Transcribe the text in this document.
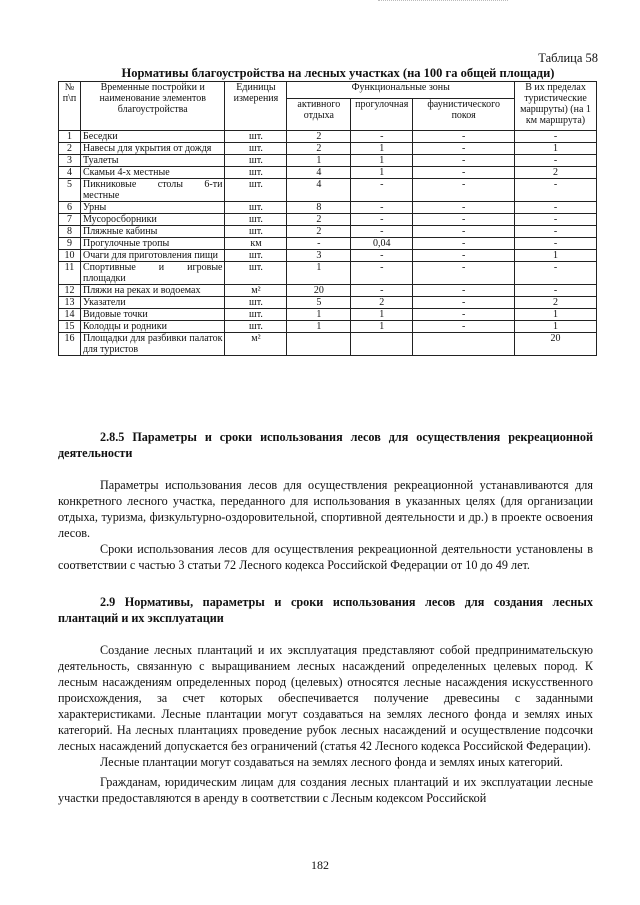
Таблица 58
Нормативы благоустройства на лесных участках (на 100 га общей площади)
№ п\п	Временные постройки и наименование элементов благоустройства	Единицы измерения	Функциональные зоны			В их пределах туристические маршруты) (на 1 км маршрута)
			активного отдыха	прогулочная	фаунистического покоя	
1	Беседки	шт.	2	-	-	-
2	Навесы для укрытия от дождя	шт.	2	1	-	1
3	Туалеты	шт.	1	1	-	-
4	Скамьи 4-х местные	шт.	4	1	-	2
5	Пикниковые столы 6-ти местные	шт.	4	-	-	-
6	Урны	шт.	8	-	-	-
7	Мусоросборники	шт.	2	-	-	-
8	Пляжные кабины	шт.	2	-	-	-
9	Прогулочные тропы	км	-	0,04	-	-
10	Очаги для приготовления пищи	шт.	3	-	-	1
11	Спортивные и игровые площадки	шт.	1	-	-	-
12	Пляжи на реках и водоемах	м²	20	-	-	-
13	Указатели	шт.	5	2	-	2
14	Видовые точки	шт.	1	1	-	1
15	Колодцы и родники	шт.	1	1	-	1
16	Площадки для разбивки палаток для туристов	м²				20

2.8.5 Параметры и сроки использования лесов для осуществления рекреационной деятельности

Параметры использования лесов для осуществления рекреационной устанавливаются для конкретного лесного участка, переданного для использования в указанных целях (для организации отдыха, туризма, физкультурно-оздоровительной, спортивной деятельности и др.) в проекте освоения лесов.

Сроки использования лесов для осуществления рекреационной деятельности установлены в соответствии с частью 3 статьи 72 Лесного кодекса Российской Федерации от 10 до 49 лет.

2.9 Нормативы, параметры и сроки использования лесов для создания лесных плантаций и их эксплуатации

Создание лесных плантаций и их эксплуатация представляют собой предпринимательскую деятельность, связанную с выращиванием лесных насаждений определенных целевых пород. К лесным насаждениям определенных пород (целевых) относятся лесные насаждения искусственного происхождения, за счет которых обеспечивается получение древесины с заданными характеристиками. Лесные плантации могут создаваться на землях лесного фонда и землях иных категорий. На лесных плантациях проведение рубок лесных насаждений и осуществление подсочки лесных насаждений допускается без ограничений (статья 42 Лесного кодекса Российской Федерации).

Лесные плантации могут создаваться на землях лесного фонда и землях иных категорий.

Гражданам, юридическим лицам для создания лесных плантаций и их эксплуатации лесные участки предоставляются в аренду в соответствии с Лесным кодексом Российской

182
